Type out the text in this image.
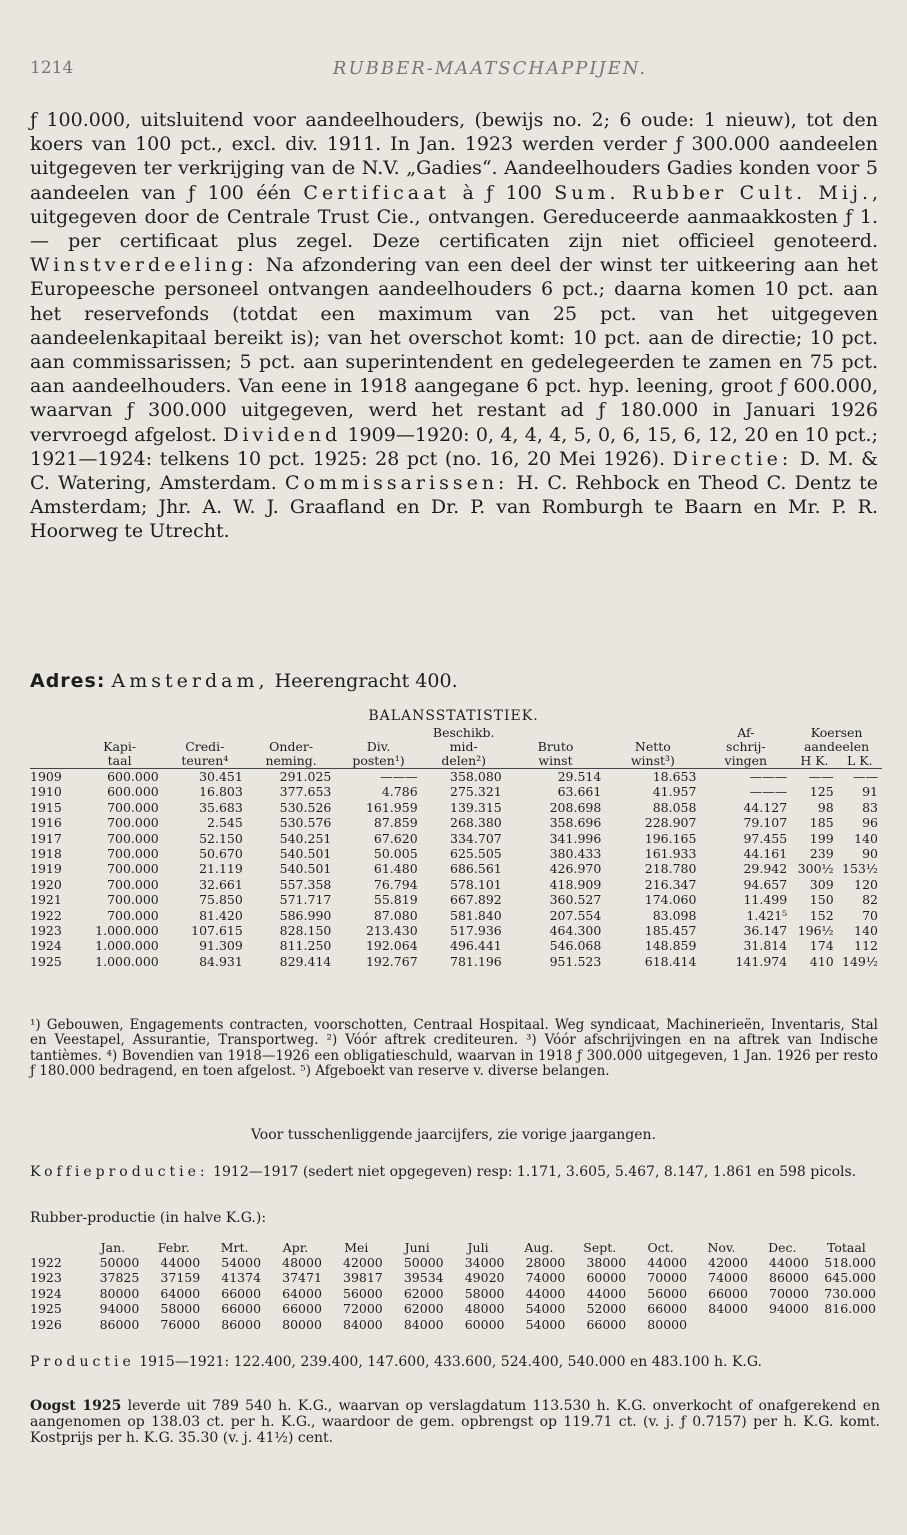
1214	RUBBER-MAATSCHAPPIJEN.

ƒ 100.000, uitsluitend voor aandeelhouders, (bewijs no. 2; 6 oude: 1 nieuw), tot den koers van 100 pct., excl. div. 1911. In Jan. 1923 werden verder ƒ 300.000 aandeelen uitgegeven ter verkrijging van de N.V. „Gadies“. Aandeelhouders Gadies konden voor 5 aandeelen van ƒ 100 één Certificaat à ƒ 100 Sum. Rubber Cult. Mij., uitgegeven door de Centrale Trust Cie., ontvangen. Gereduceerde aanmaakkosten ƒ 1.— per certificaat plus zegel. Deze certificaten zijn niet officieel genoteerd. Winstverdeeling: Na afzondering van een deel der winst ter uitkeering aan het Europeesche personeel ontvangen aandeelhouders 6 pct.; daarna komen 10 pct. aan het reservefonds (totdat een maximum van 25 pct. van het uitgegeven aandeelenkapitaal bereikt is); van het overschot komt: 10 pct. aan de directie; 10 pct. aan commissarissen; 5 pct. aan superintendent en gedelegeerden te zamen en 75 pct. aan aandeelhouders. Van eene in 1918 aangegane 6 pct. hyp. leening, groot ƒ 600.000, waarvan ƒ 300.000 uitgegeven, werd het restant ad ƒ 180.000 in Januari 1926 vervroegd afgelost. Dividend 1909—1920: 0, 4, 4, 4, 5, 0, 6, 15, 6, 12, 20 en 10 pct.; 1921—1924: telkens 10 pct. 1925: 28 pct (no. 16, 20 Mei 1926). Directie: D. M. & C. Watering, Amsterdam. Commissarissen: H. C. Rehbock en Theod C. Dentz te Amsterdam; Jhr. A. W. J. Graafland en Dr. P. van Romburgh te Baarn en Mr. P. R. Hoorweg te Utrecht.

Adres: Amsterdam, Heerengracht 400.
BALANSSTATISTIEK.
					Beschikb.			Af-	Koersen	
	Kapi-	Credi-	Onder-	Div.	mid-	Bruto	Netto	schrij-	aandeelen	
	taal	teuren⁴	neming.	posten¹)	delen²)	winst	winst³)	vingen	H K.	L K.
1909	600.000	30.451	291.025	———	358.080	29.514	18.653	———	——	——
1910	600.000	16.803	377.653	4.786	275.321	63.661	41.957	———	125	91
1915	700.000	35.683	530.526	161.959	139.315	208.698	88.058	44.127	98	83
1916	700.000	2.545	530.576	87.859	268.380	358.696	228.907	79.107	185	96
1917	700.000	52.150	540.251	67.620	334.707	341.996	196.165	97.455	199	140
1918	700.000	50.670	540.501	50.005	625.505	380.433	161.933	44.161	239	90
1919	700.000	21.119	540.501	61.480	686.561	426.970	218.780	29.942	300½	153½
1920	700.000	32.661	557.358	76.794	578.101	418.909	216.347	94.657	309	120
1921	700.000	75.850	571.717	55.819	667.892	360.527	174.060	11.499	150	82
1922	700.000	81.420	586.990	87.080	581.840	207.554	83.098	1.421⁵	152	70
1923	1.000.000	107.615	828.150	213.430	517.936	464.300	185.457	36.147	196½	140
1924	1.000.000	91.309	811.250	192.064	496.441	546.068	148.859	31.814	174	112
1925	1.000.000	84.931	829.414	192.767	781.196	951.523	618.414	141.974	410	149½

¹) Gebouwen, Engagements contracten, voorschotten, Centraal Hospitaal. Weg syndicaat, Machinerieën, Inventaris, Stal en Veestapel, Assurantie, Transportweg. ²) Vóór aftrek crediteuren. ³) Vóór afschrijvingen en na aftrek van Indische tantièmes. ⁴) Bovendien van 1918—1926 een obligatieschuld, waarvan in 1918 ƒ 300.000 uitgegeven, 1 Jan. 1926 per resto ƒ 180.000 bedragend, en toen afgelost. ⁵) Afgeboekt van reserve v. diverse belangen.

Voor tusschenliggende jaarcijfers, zie vorige jaargangen.

Koffieproductie: 1912—1917 (sedert niet opgegeven) resp: 1.171, 3.605, 5.467, 8.147, 1.861 en 598 picols.

Rubber-productie (in halve K.G.):
	Jan.	Febr.	Mrt.	Apr.	Mei	Juni	Juli	Aug.	Sept.	Oct.	Nov.	Dec.	Totaal
1922	50000	44000	54000	48000	42000	50000	34000	28000	38000	44000	42000	44000	518.000
1923	37825	37159	41374	37471	39817	39534	49020	74000	60000	70000	74000	86000	645.000
1924	80000	64000	66000	64000	56000	62000	58000	44000	44000	56000	66000	70000	730.000
1925	94000	58000	66000	66000	72000	62000	48000	54000	52000	66000	84000	94000	816.000
1926	86000	76000	86000	80000	84000	84000	60000	54000	66000	80000			

Productie 1915—1921: 122.400, 239.400, 147.600, 433.600, 524.400, 540.000 en 483.100 h. K.G.

Oogst 1925 leverde uit 789 540 h. K.G., waarvan op verslagdatum 113.530 h. K.G. onverkocht of onafgerekend en aangenomen op 138.03 ct. per h. K.G., waardoor de gem. opbrengst op 119.71 ct. (v. j. ƒ 0.7157) per h. K.G. komt. Kostprijs per h. K.G. 35.30 (v. j. 41½) cent.
